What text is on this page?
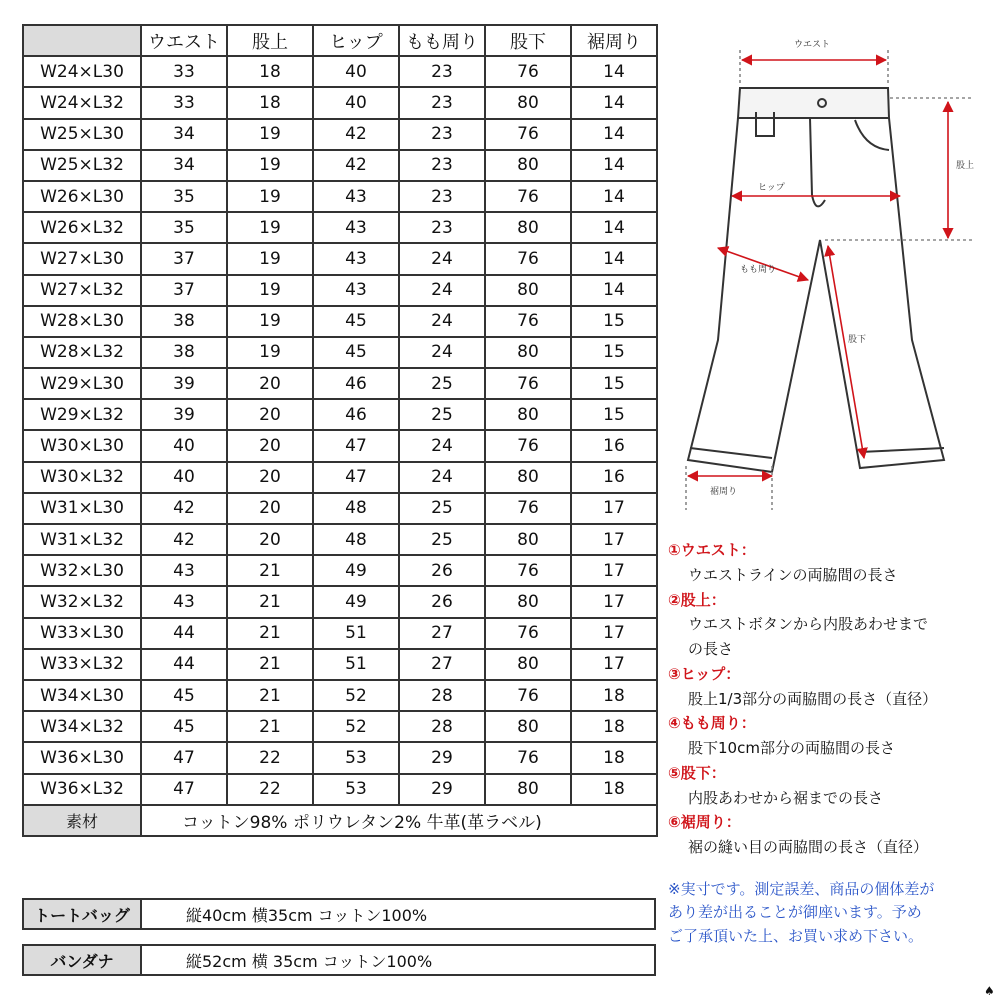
	ウエスト	股上	ヒップ	もも周り	股下	裾周り
W24×L30	33	18	40	23	76	14
W24×L32	33	18	40	23	80	14
W25×L30	34	19	42	23	76	14
W25×L32	34	19	42	23	80	14
W26×L30	35	19	43	23	76	14
W26×L32	35	19	43	23	80	14
W27×L30	37	19	43	24	76	14
W27×L32	37	19	43	24	80	14
W28×L30	38	19	45	24	76	15
W28×L32	38	19	45	24	80	15
W29×L30	39	20	46	25	76	15
W29×L32	39	20	46	25	80	15
W30×L30	40	20	47	24	76	16
W30×L32	40	20	47	24	80	16
W31×L30	42	20	48	25	76	17
W31×L32	42	20	48	25	80	17
W32×L30	43	21	49	26	76	17
W32×L32	43	21	49	26	80	17
W33×L30	44	21	51	27	76	17
W33×L32	44	21	51	27	80	17
W34×L30	45	21	52	28	76	18
W34×L32	45	21	52	28	80	18
W36×L30	47	22	53	29	76	18
W36×L32	47	22	53	29	80	18
素材	コットン98% ポリウレタン2% 牛革(革ラベル)					
トートバッグ	縦40cm 横35cm コットン100%
バンダナ	縦52cm 横 35cm コットン100%
ウエスト
股上
ヒップ
もも周り
股下
裾周り
①ウエスト：
ウエストラインの両脇間の長さ
②股上：
ウエストボタンから内股あわせまで
の長さ
③ヒップ：
股上1/3部分の両脇間の長さ（直径）
④もも周り：
股下10cm部分の両脇間の長さ
⑤股下：
内股あわせから裾までの長さ
⑥裾周り：
裾の縫い目の両脇間の長さ（直径）
※実寸です。測定誤差、商品の個体差が
あり差が出ることが御座います。予め
ご了承頂いた上、お買い求め下さい。
♠
